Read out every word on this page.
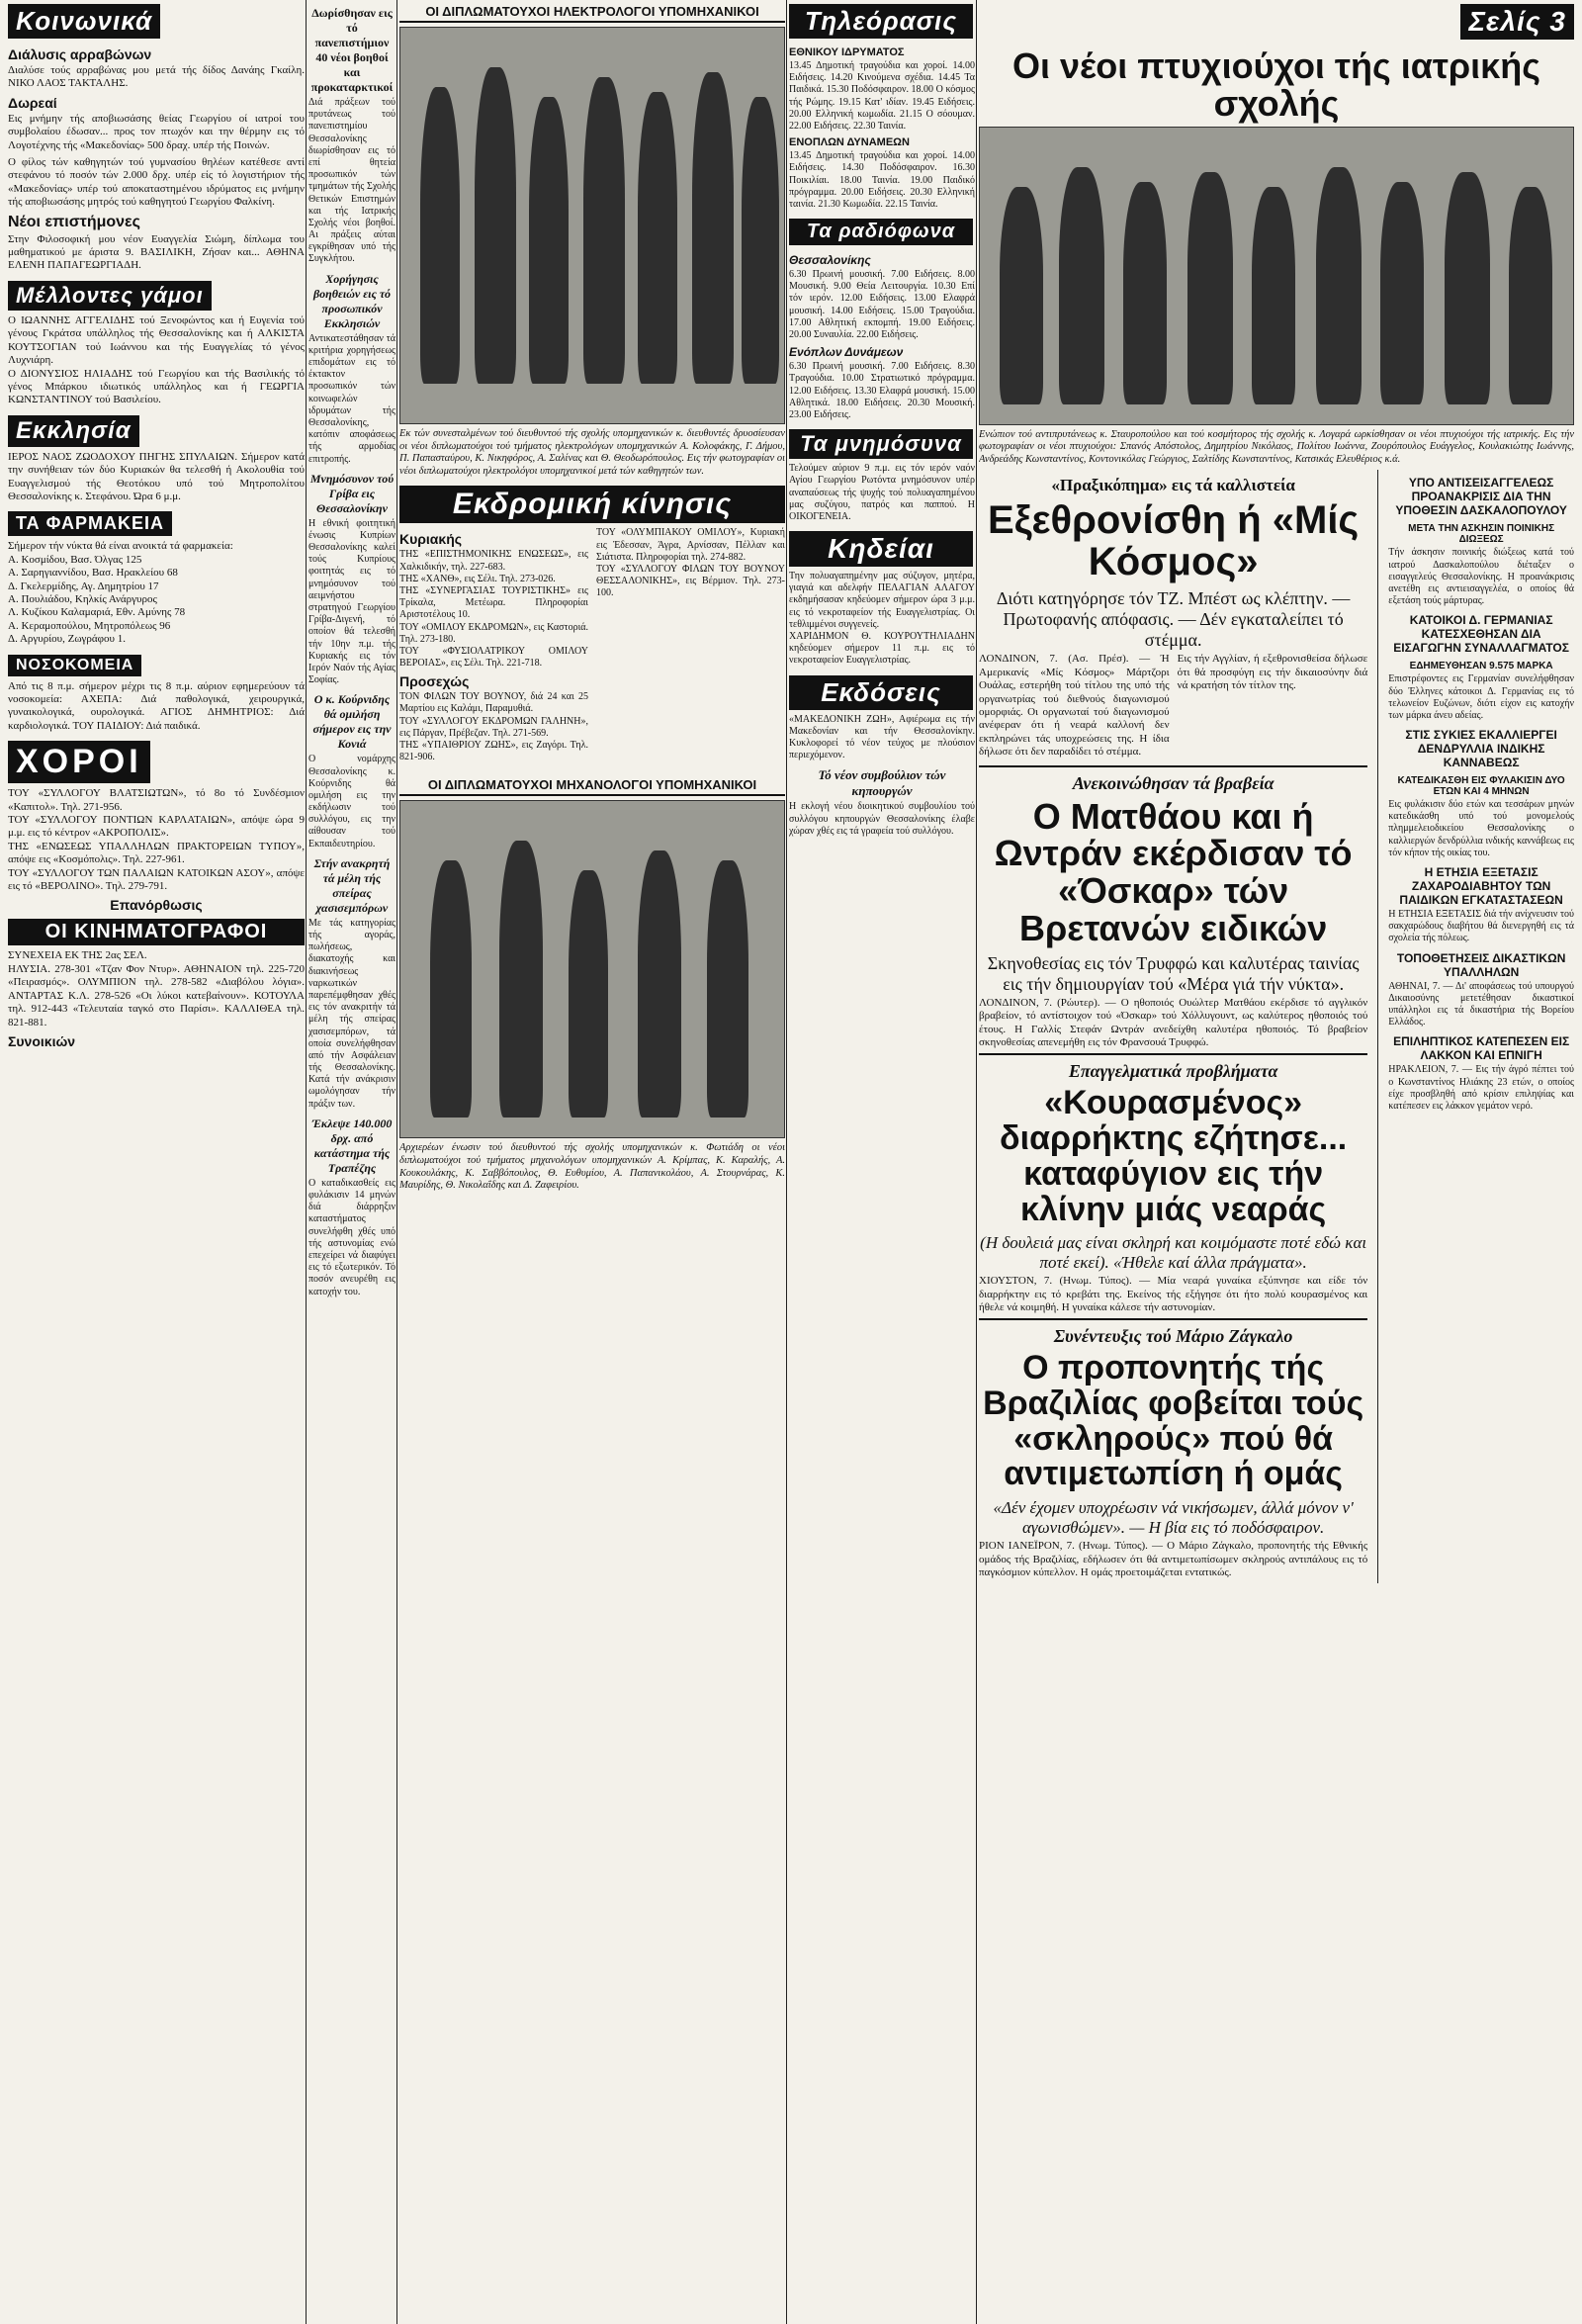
Κοινωνικά
Διάλυσις αρραβώνων

Διαλύσε τούς αρραβώνας μου μετά τής δίδος Δανάης Γκαίλη. ΝΙΚΟ ΛΑΟΣ ΤΑΚΤΑΛΗΣ.

Δωρεαί

Εις μνήμην τής αποβιωσάσης θείας Γεωργίου οί ιατροί του συμβολαίου έδωσαν... προς τον πτωχόν και την θέρμην εις τό Λογοτέχνης τής «Μακεδονίας» 500 δραχ. υπέρ τής Ποινών.

Ο φίλος τών καθηγητών τού γυμνασίου θηλέων κατέθεσε αντί στεφάνου τό ποσόν τών 2.000 δρχ. υπέρ είς τό λογιστήριον τής «Μακεδονίας» υπέρ τού αποκαταστημένου ιδρύματος εις μνήμην τής αποβιωσάσης μητρός τού καθηγητού Γεωργίου Φαλκίνη.

Νέοι επιστήμονες

Στην Φιλοσοφική μου νέον Ευαγγελία Σιώμη, δίπλωμα του μαθηματικού με άριστα 9. ΒΑΣΙΛΙΚΗ, Ζήσαν και... ΑΘΗΝΑ ΕΛΕΝΗ ΠΑΠΑΓΕΩΡΓΙΑΔΗ.

Μέλλοντες γάμοι

Ο ΙΩΑΝΝΗΣ ΑΓΓΕΛΙΔΗΣ τού Ξενοφώντος και ή Ευγενία τού γένους Γκράτσα υπάλληλος τής Θεσσαλονίκης και ή ΑΛΚΙΣΤΑ ΚΟΥΤΣΟΓΙΑΝ τού Ιωάννου και τής Ευαγγελίας τό γένος Λυχνιάρη.
Ο ΔΙΟΝΥΣΙΟΣ ΗΛΙΑΔΗΣ τού Γεωργίου και τής Βασιλικής τό γένος Μπάρκου ιδιωτικός υπάλληλος και ή ΓΕΩΡΓΙΑ ΚΩΝΣΤΑΝΤΙΝΟΥ τού Βασιλείου.

Εκκλησία

ΙΕΡΟΣ ΝΑΟΣ ΖΩΟΔΟΧΟΥ ΠΗΓΗΣ ΣΠΥΛΑΙΩΝ. Σήμερον κατά την συνήθειαν τών δύο Κυριακών θα τελεσθή ή Ακολουθία τού Ευαγγελισμού τής Θεοτόκου υπό τού Μητροπολίτου Θεσσαλονίκης κ. Στεφάνου. Ώρα 6 μ.μ.

ΤΑ ΦΑΡΜΑΚΕΙΑ

Σήμερον τήν νύκτα θά είναι ανοικτά τά φαρμακεία:
Α. Κοσμίδου, Βασ. Όλγας 125
Α. Σαρηγιαννίδου, Βασ. Ηρακλείου 68
Δ. Γκελερμίδης, Αγ. Δημητρίου 17
Α. Πουλιάδου, Κηλκίς Ανάργυρος
Λ. Κυζίκου Καλαμαριά, Εθν. Αμύνης 78
Α. Κεραμοπούλου, Μητροπόλεως 96
Δ. Αργυρίου, Ζωγράφου 1.

ΝΟΣΟΚΟΜΕΙΑ

Από τις 8 π.μ. σήμερον μέχρι τις 8 π.μ. αύριον εφημερεύουν τά νοσοκομεία: ΑΧΕΠΑ: Διά παθολογικά, χειρουργικά, γυναικολογικά, ουρολογικά. ΑΓΙΟΣ ΔΗΜΗΤΡΙΟΣ: Διά καρδιολογικά. ΤΟΥ ΠΑΙΔΙΟΥ: Διά παιδικά.

ΧΟΡΟΙ

ΤΟΥ «ΣΥΛΛΟΓΟΥ ΒΛΑΤΣΙΩΤΩΝ», τό 8ο τό Συνδέσμιον «Καπιτολ». Τηλ. 271-956.
ΤΟΥ «ΣΥΛΛΟΓΟΥ ΠΟΝΤΙΩΝ ΚΑΡΛΑΤΑΙΩΝ», απόψε ώρα 9 μ.μ. εις τό κέντρον «ΑΚΡΟΠΟΛΙΣ».
ΤΗΣ «ΕΝΩΣΕΩΣ ΥΠΑΛΛΗΛΩΝ ΠΡΑΚΤΟΡΕΙΩΝ ΤΥΠΟΥ», απόψε εις «Κοσμόπολις». Τηλ. 227-961.
ΤΟΥ «ΣΥΛΛΟΓΟΥ ΤΩΝ ΠΑΛΑΙΩΝ ΚΑΤΟΙΚΩΝ ΑΣΟΥ», απόψε εις τό «ΒΕΡΟΛΙΝΟ». Τηλ. 279-791.

Επανόρθωσις
ΟΙ ΚΙΝΗΜΑΤΟΓΡΑΦΟΙ

ΣΥΝΕΧΕΙΑ ΕΚ ΤΗΣ 2ας ΣΕΛ.
ΗΛΥΣΙΑ. 278-301 «Τζαν Φον Ντυρ». ΑΘΗΝΑΙΟΝ τηλ. 225-720 «Πειρασμός». ΟΛΥΜΠΙΟΝ τηλ. 278-582 «Διαβόλου λόγια». ΑΝΤΑΡΤΑΣ Κ.Λ. 278-526 «Οι λύκοι κατεβαίνουν». ΚΟΤΟΥΛΑ τηλ. 912-443 «Τελευταία ταγκό στο Παρίσι». ΚΑΛΛΙΘΕΑ τηλ. 821-881.

Συνοικιών
Δωρίσθησαν εις τό πανεπιστήμιον 40 νέοι βοηθοί και προκαταρκτικοί

Διά πράξεων τού πρυτάνεως τού πανεπιστημίου Θεσσαλονίκης διωρίσθησαν εις τό επί θητεία προσωπικόν τών τμημάτων τής Σχολής Θετικών Επιστημών και τής Ιατρικής Σχολής νέοι βοηθοί. Αι πράξεις αύται εγκρίθησαν υπό τής Συγκλήτου.

Χορήγησις βοηθειών εις τό προσωπικόν Εκκλησιών

Αντικατεστάθησαν τά κριτήρια χορηγήσεως επιδομάτων εις τό έκτακτον προσωπικόν τών κοινωφελών ιδρυμάτων τής Θεσσαλονίκης, κατόπιν αποφάσεως τής αρμοδίας επιτροπής.

Μνημόσυνον τού Γρίβα εις Θεσσαλονίκην

Η εθνική φοιτητική ένωσις Κυπρίων Θεσσαλονίκης καλεί τούς Κυπρίους φοιτητάς εις τό μνημόσυνον τού αειμνήστου στρατηγού Γεωργίου Γρίβα-Διγενή, τό οποίον θά τελεσθή τήν 10ην π.μ. τής Κυριακής εις τόν Ιερόν Ναόν τής Αγίας Σοφίας.

Ο κ. Κούρνιδης θά ομιλήση σήμερον εις την Κονιά

Ο νομάρχης Θεσσαλονίκης κ. Κούρνιδης θά ομιλήση εις την εκδήλωσιν τού συλλόγου, εις την αίθουσαν τού Εκπαιδευτηρίου.

Στήν ανακρητή τά μέλη τής σπείρας χασισεμπόρων

Με τάς κατηγορίας τής αγοράς, πωλήσεως, διακατοχής και διακινήσεως ναρκωτικών παρεπέμφθησαν χθές εις τόν ανακριτήν τά μέλη τής σπείρας χασισεμπόρων, τά οποία συνελήφθησαν από τήν Ασφάλειαν τής Θεσσαλονίκης. Κατά τήν ανάκρισιν ωμολόγησαν τήν πράξιν των.

Έκλεψε 140.000 δρχ. από κατάστημα τής Τραπέζης

Ο καταδικασθείς εις φυλάκισιν 14 μηνών διά διάρρηξιν καταστήματος συνελήφθη χθές υπό τής αστυνομίας ενώ επεχείρει νά διαφύγει εις τό εξωτερικόν. Τό ποσόν ανευρέθη εις κατοχήν του.

ΟΙ ΔΙΠΛΩΜΑΤΟΥΧΟΙ ΗΛΕΚΤΡΟΛΟΓΟΙ ΥΠΟΜΗΧΑΝΙΚΟΙ

Εκ τών συνεσταλμένων τού διευθυντού τής σχολής υπομηχανικών κ. διευθυντές δρυοσίευσαν οι νέοι διπλωματούχοι τού τμήματος ηλεκτρολόγων υπομηχανικών Α. Κολοφάκης, Γ. Δήμου, Π. Παπασταύρου, Κ. Νικηφόρος, Α. Σαλίνας και Θ. Θεοδωρόπουλος. Εις τήν φωτογραφίαν οι νέοι διπλωματούχοι ηλεκτρολόγοι υπομηχανικοί μετά τών καθηγητών των.

Εκδρομική κίνησις
Κυριακής

ΤΗΣ «ΕΠΙΣΤΗΜΟΝΙΚΗΣ ΕΝΩΣΕΩΣ», εις Χαλκιδικήν, τηλ. 227-683.
ΤΗΣ «ΧΑΝΘ», εις Σέλι. Τηλ. 273-026.
ΤΗΣ «ΣΥΝΕΡΓΑΣΙΑΣ ΤΟΥΡΙΣΤΙΚΗΣ» εις Τρίκαλα, Μετέωρα. Πληροφορίαι Αριστοτέλους 10.
ΤΟΥ «ΟΜΙΛΟΥ ΕΚΔΡΟΜΩΝ», εις Καστοριά. Τηλ. 273-180.
ΤΟΥ «ΦΥΣΙΟΛΑΤΡΙΚΟΥ ΟΜΙΛΟΥ ΒΕΡΟΙΑΣ», εις Σέλι. Τηλ. 221-718.

Προσεχώς

ΤΟΝ ΦΙΛΩΝ ΤΟΥ ΒΟΥΝΟΥ, διά 24 και 25 Μαρτίου εις Καλάμι, Παραμυθιά.
ΤΟΥ «ΣΥΛΛΟΓΟΥ ΕΚΔΡΟΜΩΝ ΓΑΛΗΝΗ», εις Πάργαν, Πρέβεζαν. Τηλ. 271-569.
ΤΗΣ «ΥΠΑΙΘΡΙΟΥ ΖΩΗΣ», εις Ζαγόρι. Τηλ. 821-906.

ΤΟΥ «ΟΛΥΜΠΙΑΚΟΥ ΟΜΙΛΟΥ», Κυριακή εις Έδεσσαν, Άγρα, Αρνίσσαν, Πέλλαν και Σιάτιστα. Πληροφορίαι τηλ. 274-882.
ΤΟΥ «ΣΥΛΛΟΓΟΥ ΦΙΛΩΝ ΤΟΥ ΒΟΥΝΟΥ ΘΕΣΣΑΛΟΝΙΚΗΣ», εις Βέρμιον. Τηλ. 273-100.

ΟΙ ΔΙΠΛΩΜΑΤΟΥΧΟΙ ΜΗΧΑΝΟΛΟΓΟΙ ΥΠΟΜΗΧΑΝΙΚΟΙ

Αρχιερέων ένωσιν τού διευθυντού τής σχολής υπομηχανικών κ. Φωτιάδη οι νέοι διπλωματούχοι τού τμήματος μηχανολόγων υπομηχανικών Α. Κρίμπας, Κ. Καραλής, Α. Κουκουλάκης, Κ. Σαββόπουλος, Θ. Ευθυμίου, Α. Παπανικολάου, Α. Στουρνάρας, Κ. Μαυρίδης, Θ. Νικολαΐδης και Δ. Ζαφειρίου.

Τηλεόρασις
ΕΘΝΙΚΟΥ ΙΔΡΥΜΑΤΟΣ

13.45 Δημοτική τραγούδια και χοροί. 14.00 Ειδήσεις. 14.20 Κινούμενα σχέδια. 14.45 Τα Παιδικά. 15.30 Ποδόσφαιρον. 18.00 Ο κόσμος τής Ρώμης. 19.15 Κατ' ιδίαν. 19.45 Ειδήσεις. 20.00 Ελληνική κωμωδία. 21.15 Ο σόουμαν. 22.00 Ειδήσεις. 22.30 Ταινία.

ΕΝΟΠΛΩΝ ΔΥΝΑΜΕΩΝ

13.45 Δημοτική τραγούδια και χοροί. 14.00 Ειδήσεις. 14.30 Ποδόσφαιρον. 16.30 Ποικιλίαι. 18.00 Ταινία. 19.00 Παιδικό πρόγραμμα. 20.00 Ειδήσεις. 20.30 Ελληνική ταινία. 21.30 Κωμωδία. 22.15 Ταινία.

Τα ραδιόφωνα
Θεσσαλονίκης

6.30 Πρωινή μουσική. 7.00 Ειδήσεις. 8.00 Μουσική. 9.00 Θεία Λειτουργία. 10.30 Επί τόν ιερόν. 12.00 Ειδήσεις. 13.00 Ελαφρά μουσική. 14.00 Ειδήσεις. 15.00 Τραγούδια. 17.00 Αθλητική εκπομπή. 19.00 Ειδήσεις. 20.00 Συναυλία. 22.00 Ειδήσεις.

Ενόπλων Δυνάμεων

6.30 Πρωινή μουσική. 7.00 Ειδήσεις. 8.30 Τραγούδια. 10.00 Στρατιωτικό πρόγραμμα. 12.00 Ειδήσεις. 13.30 Ελαφρά μουσική. 15.00 Αθλητικά. 18.00 Ειδήσεις. 20.30 Μουσική. 23.00 Ειδήσεις.

Τα μνημόσυνα

Τελούμεν αύριον 9 π.μ. εις τόν ιερόν ναόν Αγίου Γεωργίου Ρωτόντα μνημόσυνον υπέρ αναπαύσεως τής ψυχής τού πολυαγαπημένου μας συζύγου, πατρός και παππού. Η ΟΙΚΟΓΕΝΕΙΑ.

Κηδείαι

Την πολυαγαπημένην μας σύζυγον, μητέρα, γιαγιά και αδελφήν ΠΕΛΑΓΙΑΝ ΑΛΑΓΟΥ εκδημήσασαν κηδεύομεν σήμερον ώρα 3 μ.μ. εις τό νεκροταφείον τής Ευαγγελιστρίας. Οι τεθλιμμένοι συγγενείς.
ΧΑΡΙΔΗΜΟΝ Θ. ΚΟΥΡΟΥΤΗΛΙΑΔΗΝ κηδεύομεν σήμερον 11 π.μ. εις τό νεκροταφείον Ευαγγελιστρίας.

Εκδόσεις

«ΜΑΚΕΔΟΝΙΚΗ ΖΩΗ», Αφιέρωμα εις τήν Μακεδονίαν και τήν Θεσσαλονίκην. Κυκλοφορεί τό νέον τεύχος με πλούσιον περιεχόμενον.

Τό νέον συμβούλιον τών κηπουργών

Η εκλογή νέου διοικητικού συμβουλίου τού συλλόγου κηπουργών Θεσσαλονίκης έλαβε χώραν χθές εις τά γραφεία τού συλλόγου.

Σελίς 3
Οι νέοι πτυχιούχοι τής ιατρικής σχολής

Ενώπιον τού αντιπρυτάνεως κ. Σταυροπούλου και τού κοσμήτορος τής σχολής κ. Λογαρά ωρκίσθησαν οι νέοι πτυχιούχοι τής ιατρικής. Εις τήν φωτογραφίαν οι νέοι πτυχιούχοι: Σπανός Απόστολος, Δημητρίου Νικόλαος, Πολίτου Ιωάννα, Ζουρόπουλος Ευάγγελος, Κουλακιώτης Ιωάννης, Ανδρεάδης Κωνσταντίνος, Κοντονικόλας Γεώργιος, Σαλτίδης Κωνσταντίνος, Κατσικάς Ελευθέριος κ.ά.

«Πραξικόπημα» εις τά καλλιστεία
Εξεθρονίσθη ή «Μίς Κόσμος»
Διότι κατηγόρησε τόν ΤΖ. Μπέστ ως κλέπτην. — Πρωτοφανής απόφασις. — Δέν εγκαταλείπει τό στέμμα.

ΛΟΝΔΙΝΟΝ, 7. (Ασ. Πρέσ). — Ή Αμερικανίς «Μίς Κόσμος» Μάρτζορι Ουάλας, εστερήθη τού τίτλου της υπό τής οργανωτρίας τού διεθνούς διαγωνισμού ομορφιάς. Οι οργανωταί τού διαγωνισμού ανέφεραν ότι ή νεαρά καλλονή δεν εκπληρώνει τάς υποχρεώσεις της. Η ίδια δήλωσε ότι δεν παραδίδει τό στέμμα.

Εις τήν Αγγλίαν, ή εξεθρονισθείσα δήλωσε ότι θά προσφύγη εις τήν δικαιοσύνην διά νά κρατήση τόν τίτλον της.

Ανεκοινώθησαν τά βραβεία
Ο Ματθάου και ή Ωντράν εκέρδισαν τό «Όσκαρ» τών Βρετανών ειδικών
Σκηνοθεσίας εις τόν Τρυφφώ και καλυτέρας ταινίας εις τήν δημιουργίαν τού «Μέρα γιά τήν νύκτα».

ΛΟΝΔΙΝΟΝ, 7. (Ρώυτερ). — Ο ηθοποιός Ουώλτερ Ματθάου εκέρδισε τό αγγλικόν βραβείον, τό αντίστοιχον τού «Όσκαρ» τού Χόλλυγουντ, ως καλύτερος ηθοποιός τού έτους. Η Γαλλίς Στεφάν Ωντράν ανεδείχθη καλυτέρα ηθοποιός. Τό βραβείον σκηνοθεσίας απενεμήθη εις τόν Φρανσουά Τρυφφώ.

Επαγγελματικά προβλήματα
«Κουρασμένος» διαρρήκτης εζήτησε... καταφύγιον εις τήν κλίνην μιάς νεαράς
(Η δουλειά μας είναι σκληρή και κοιμόμαστε ποτέ εδώ και ποτέ εκεί). «Ήθελε καί άλλα πράγματα».

ΧΙΟΥΣΤΟΝ, 7. (Ηνωμ. Τύπος). — Μία νεαρά γυναίκα εξύπνησε και είδε τόν διαρρήκτην εις τό κρεβάτι της. Εκείνος τής εξήγησε ότι ήτο πολύ κουρασμένος και ήθελε νά κοιμηθή. Η γυναίκα κάλεσε τήν αστυνομίαν.

Συνέντευξις τού Μάριο Ζάγκαλο
Ο προπονητής τής Βραζιλίας φοβείται τούς «σκληρούς» πού θά αντιμετωπίση ή ομάς
«Δέν έχομεν υποχρέωσιν νά νικήσωμεν, άλλά μόνον ν' αγωνισθώμεν». — Η βία εις τό ποδόσφαιρον.

ΡΙΟΝ ΙΑΝΕΪΡΟΝ, 7. (Ηνωμ. Τύπος). — Ο Μάριο Ζάγκαλο, προπονητής τής Εθνικής ομάδος τής Βραζιλίας, εδήλωσεν ότι θά αντιμετωπίσωμεν σκληρούς αντιπάλους εις τό παγκόσμιον κύπελλον. Η ομάς προετοιμάζεται εντατικώς.

ΥΠΟ ΑΝΤΙΣΕΙΣΑΓΓΕΛΕΩΣ ΠΡΟΑΝΑΚΡΙΣΙΣ ΔΙΑ ΤΗΝ ΥΠΟΘΕΣΙΝ ΔΑΣΚΑΛΟΠΟΥΛΟΥ
ΜΕΤΑ ΤΗΝ ΑΣΚΗΣΙΝ ΠΟΙΝΙΚΗΣ ΔΙΩΞΕΩΣ

Τήν άσκησιν ποινικής διώξεως κατά τού ιατρού Δασκαλοπούλου διέταξεν ο εισαγγελεύς Θεσσαλονίκης. Η προανάκρισις ανετέθη εις αντιεισαγγελέα, ο οποίος θά εξετάση τούς μάρτυρας.

ΚΑΤΟΙΚΟΙ Δ. ΓΕΡΜΑΝΙΑΣ ΚΑΤΕΣΧΕΘΗΣΑΝ ΔΙΑ ΕΙΣΑΓΩΓΗΝ ΣΥΝΑΛΛΑΓΜΑΤΟΣ
ΕΔΗΜΕΥΘΗΣΑΝ 9.575 ΜΑΡΚΑ

Επιστρέφοντες εις Γερμανίαν συνελήφθησαν δύο Έλληνες κάτοικοι Δ. Γερμανίας εις τό τελωνείον Ευζώνων, διότι είχον εις κατοχήν των μάρκα άνευ αδείας.

ΣΤΙΣ ΣΥΚΙΕΣ ΕΚΑΛΛΙΕΡΓΕΙ ΔΕΝΔΡΥΛΛΙΑ ΙΝΔΙΚΗΣ ΚΑΝΝΑΒΕΩΣ
ΚΑΤΕΔΙΚΑΣΘΗ ΕΙΣ ΦΥΛΑΚΙΣΙΝ ΔΥΟ ΕΤΩΝ ΚΑΙ 4 ΜΗΝΩΝ

Εις φυλάκισιν δύο ετών και τεσσάρων μηνών κατεδικάσθη υπό τού μονομελούς πλημμελειοδικείου Θεσσαλονίκης ο καλλιεργών δενδρύλλια ινδικής καννάβεως εις τόν κήπον τής οικίας του.

Η ΕΤΗΣΙΑ ΕΞΕΤΑΣΙΣ ΖΑΧΑΡΟΔΙΑΒΗΤΟΥ ΤΩΝ ΠΑΙΔΙΚΩΝ ΕΓΚΑΤΑΣΤΑΣΕΩΝ

Η ΕΤΗΣΙΑ ΕΞΕΤΑΣΙΣ διά τήν ανίχνευσιν τού σακχαρώδους διαβήτου θά διενεργηθή εις τά σχολεία τής πόλεως.

ΤΟΠΟΘΕΤΗΣΕΙΣ ΔΙΚΑΣΤΙΚΩΝ ΥΠΑΛΛΗΛΩΝ

ΑΘΗΝΑΙ, 7. — Δι' αποφάσεως τού υπουργού Δικαιοσύνης μετετέθησαν δικαστικοί υπάλληλοι εις τά δικαστήρια τής Βορείου Ελλάδος.

ΕΠΙΛΗΠΤΙΚΟΣ ΚΑΤΕΠΕΣΕΝ ΕΙΣ ΛΑΚΚΟΝ ΚΑΙ ΕΠΝΙΓΗ

ΗΡΑΚΛΕΙΟΝ, 7. — Εις τήν άγρό πέπτει τού ο Κωνσταντίνος Ηλιάκης 23 ετών, ο οποίος είχε προσβληθή από κρίσιν επιληψίας και κατέπεσεν εις λάκκον γεμάτον νερό.
